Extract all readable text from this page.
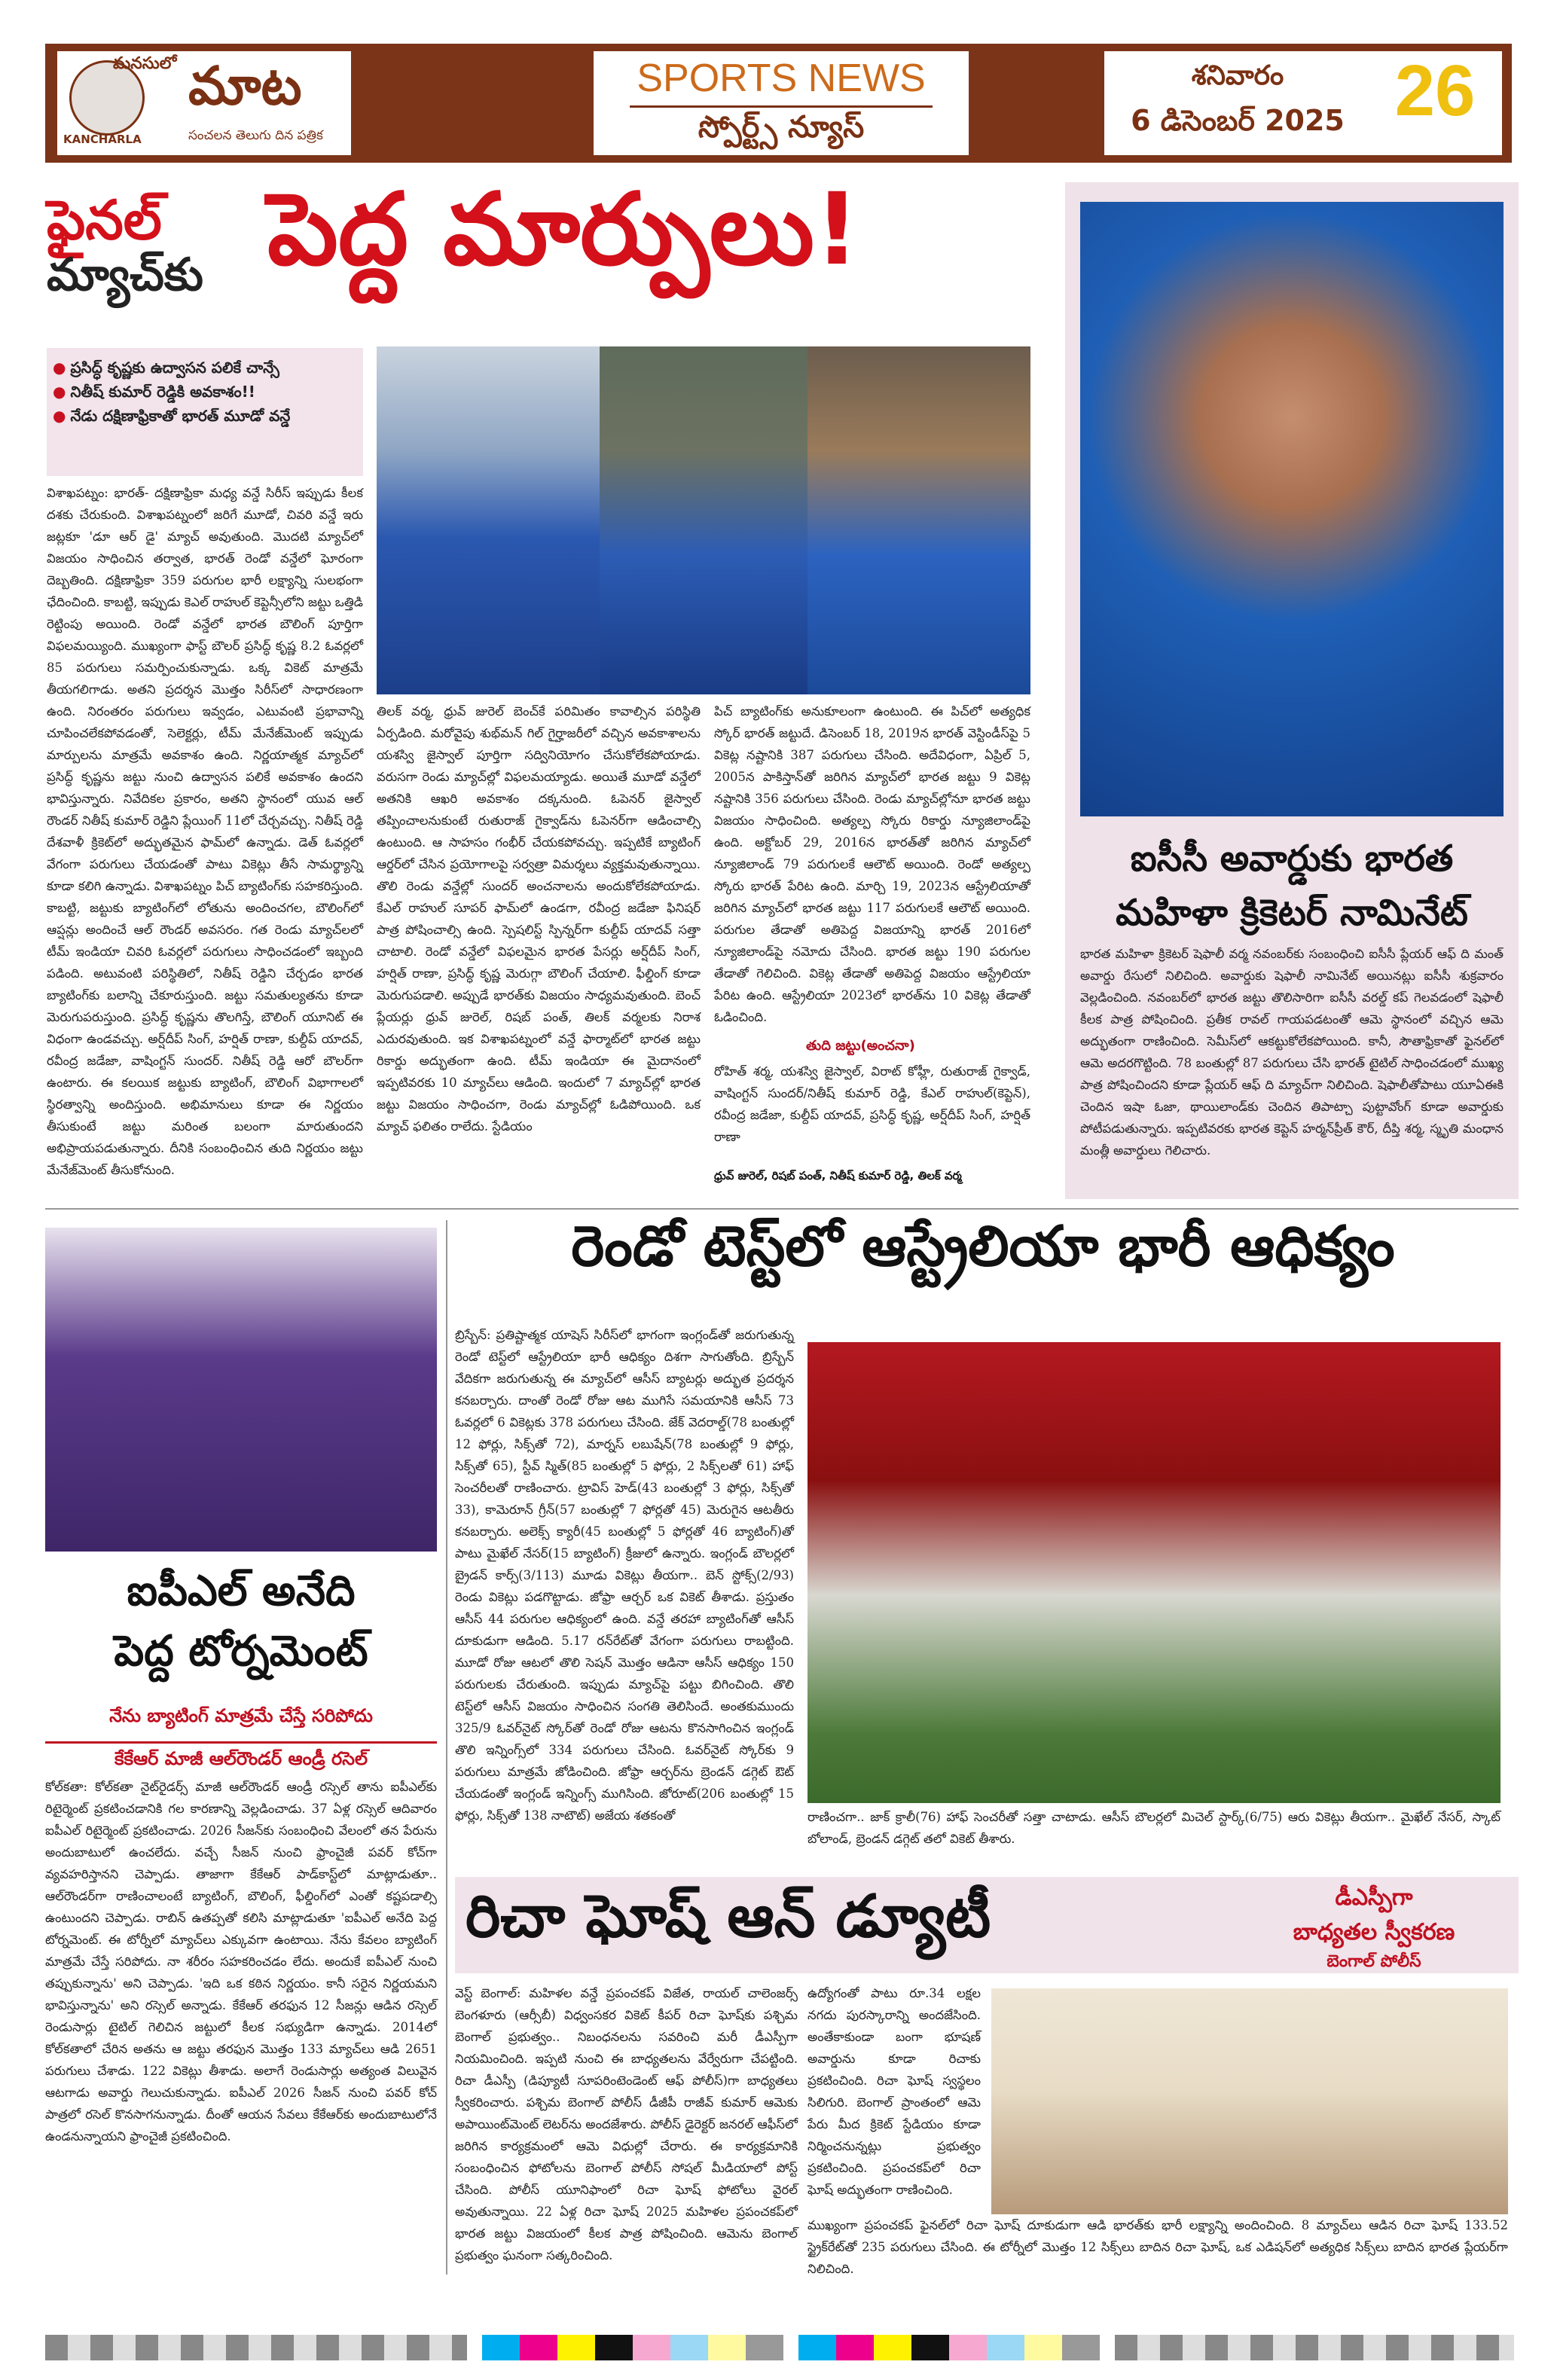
మనసులో మాట
KANCHARLA	సంచలన తెలుగు దిన పత్రిక
SPORTS NEWS
స్పోర్ట్స్ న్యూస్
శనివారం
6 డిసెంబర్ 2025 26
ఫైనల్
మ్యాచ్‌కు పెద్ద మార్పులు!
● ప్రసిద్ధ్ కృష్ణకు ఉద్వాసన పలికే చాన్సే
● నితీష్ కుమార్ రెడ్డికి అవకాశం!!
● నేడు దక్షిణాఫ్రికాతో భారత్ మూడో వన్డే
విశాఖపట్నం: భారత్- దక్షిణాఫ్రికా మధ్య వన్డే సిరీస్ ఇప్పుడు కీలక దశకు చేరుకుంది. విశాఖపట్నంలో జరిగే మూడో, చివరి వన్డే ఇరు జట్లకూ 'డూ ఆర్ డై' మ్యాచ్ అవుతుంది. మొదటి మ్యాచ్‌లో విజయం సాధించిన తర్వాత, భారత్ రెండో వన్డేలో ఘోరంగా దెబ్బతింది. దక్షిణాఫ్రికా 359 పరుగుల భారీ లక్ష్యాన్ని సులభంగా ఛేదించింది. కాబట్టి, ఇప్పుడు కెఎల్ రాహుల్ కెప్టెన్సీలోని జట్టు ఒత్తిడి రెట్టింపు అయింది. రెండో వన్డేలో భారత బౌలింగ్ పూర్తిగా విఫలమయ్యింది. ముఖ్యంగా ఫాస్ట్ బౌలర్ ప్రసిద్ధ్ కృష్ణ 8.2 ఓవర్లలో 85 పరుగులు సమర్పించుకున్నాడు. ఒక్క వికెట్ మాత్రమే తీయగలిగాడు. అతని ప్రదర్శన మొత్తం సిరీస్‌లో సాధారణంగా ఉంది. నిరంతరం పరుగులు ఇవ్వడం, ఎటువంటి ప్రభావాన్ని చూపించలేకపోవడంతో, సెలెక్టర్లు, టీమ్ మేనేజ్‌మెంట్ ఇప్పుడు మార్పులను మాత్రమే అవకాశం ఉంది. నిర్ణయాత్మక మ్యాచ్‌లో ప్రసిద్ధ్ కృష్ణను జట్టు నుంచి ఉద్వాసన పలికే అవకాశం ఉందని భావిస్తున్నారు. నివేదికల ప్రకారం, అతని స్థానంలో యువ ఆల్ రౌండర్ నితీష్ కుమార్ రెడ్డిని ప్లేయింగ్ 11లో చేర్చవచ్చు. నితీష్ రెడ్డి దేశవాళీ క్రికెట్‌లో అద్భుతమైన ఫామ్‌లో ఉన్నాడు. డెత్ ఓవర్లలో వేగంగా పరుగులు చేయడంతో పాటు వికెట్లు తీసే సామర్థ్యాన్ని కూడా కలిగి ఉన్నాడు. విశాఖపట్నం పిచ్ బ్యాటింగ్‌కు సహకరిస్తుంది. కాబట్టి, జట్టుకు బ్యాటింగ్‌లో లోతును అందించగల, బౌలింగ్‌లో ఆప్షన్లు అందించే ఆల్ రౌండర్ అవసరం. గత రెండు మ్యాచ్‌లలో టీమ్ ఇండియా చివరి ఓవర్లలో పరుగులు సాధించడంలో ఇబ్బంది పడింది. అటువంటి పరిస్థితిలో, నితీష్ రెడ్డిని చేర్చడం భారత బ్యాటింగ్‌కు బలాన్ని చేకూరుస్తుంది. జట్టు సమతుల్యతను కూడా మెరుగుపరుస్తుంది. ప్రసిద్ధ్ కృష్ణను తొలగిస్తే, బౌలింగ్ యూనిట్ ఈ విధంగా ఉండవచ్చు. అర్ష్‌దీప్ సింగ్, హర్షిత్ రాణా, కుల్దీప్ యాదవ్, రవీంద్ర జడేజా, వాషింగ్టన్ సుందర్. నితీష్ రెడ్డి ఆరో బౌలర్‌గా ఉంటారు. ఈ కలయిక జట్టుకు బ్యాటింగ్, బౌలింగ్ విభాగాలలో స్థిరత్వాన్ని అందిస్తుంది. అభిమానులు కూడా ఈ నిర్ణయం తీసుకుంటే జట్టు మరింత బలంగా మారుతుందని అభిప్రాయపడుతున్నారు. దీనికి సంబంధించిన తుది నిర్ణయం జట్టు మేనేజ్‌మెంట్ తీసుకోనుంది.
తిలక్ వర్మ, ధ్రువ్ జురెల్ బెంచ్‌కే పరిమితం కావాల్సిన పరిస్థితి ఏర్పడింది. మరోవైపు శుభ్‌మన్ గిల్ గైర్హాజరీలో వచ్చిన అవకాశాలను యశస్వి జైస్వాల్ పూర్తిగా సద్వినియోగం చేసుకోలేకపోయాడు. వరుసగా రెండు మ్యాచ్‌ల్లో విఫలమయ్యాడు. అయితే మూడో వన్డేలో అతనికి ఆఖరి అవకాశం దక్కనుంది. ఓపెనర్ జైస్వాల్ తప్పించాలనుకుంటే రుతురాజ్ గైక్వాడ్‌ను ఓపెనర్‌గా ఆడించాల్సి ఉంటుంది. ఆ సాహసం గంభీర్ చేయకపోవచ్చు. ఇప్పటికే బ్యాటింగ్ ఆర్డర్‌లో చేసిన ప్రయోగాలపై సర్వత్రా విమర్శలు వ్యక్తమవుతున్నాయి. తొలి రెండు వన్డేల్లో సుందర్ అంచనాలను అందుకోలేకపోయాడు. కేఎల్ రాహుల్ సూపర్ ఫామ్‌లో ఉండగా, రవీంద్ర జడేజా ఫినిషర్ పాత్ర పోషించాల్సి ఉంది. స్పెషలిస్ట్ స్పిన్నర్‌గా కుల్దీప్ యాదవ్ సత్తా చాటాలి. రెండో వన్డేలో విఫలమైన భారత పేసర్లు అర్ష్‌దీప్ సింగ్, హర్షిత్ రాణా, ప్రసిద్ధ్ కృష్ణ మెరుగ్గా బౌలింగ్ చేయాలి. ఫీల్డింగ్ కూడా మెరుగుపడాలి. అప్పుడే భారత్‌కు విజయం సాధ్యమవుతుంది. బెంచ్ ప్లేయర్లు ధ్రువ్ జురెల్, రిషబ్ పంత్, తిలక్ వర్మలకు నిరాశ ఎదురవుతుంది. ఇక విశాఖపట్నంలో వన్డే ఫార్మాట్‌లో భారత జట్టు రికార్డు అద్భుతంగా ఉంది. టీమ్ ఇండియా ఈ మైదానంలో ఇప్పటివరకు 10 మ్యాచ్‌లు ఆడింది. ఇందులో 7 మ్యాచ్‌ల్లో భారత జట్టు విజయం సాధించగా, రెండు మ్యాచ్‌ల్లో ఓడిపోయింది. ఒక మ్యాచ్ ఫలితం రాలేదు. స్టేడియం
పిచ్ బ్యాటింగ్‌కు అనుకూలంగా ఉంటుంది. ఈ పిచ్‌లో అత్యధిక స్కోర్ భారత్ జట్టుదే. డిసెంబర్ 18, 2019న భారత్ వెస్టిండీస్‌పై 5 వికెట్ల నష్టానికి 387 పరుగులు చేసింది. అదేవిధంగా, ఏప్రిల్ 5, 2005న పాకిస్తాన్‌తో జరిగిన మ్యాచ్‌లో భారత జట్టు 9 వికెట్ల నష్టానికి 356 పరుగులు చేసింది. రెండు మ్యాచ్‌ల్లోనూ భారత జట్టు విజయం సాధించింది. అత్యల్ప స్కోరు రికార్డు న్యూజిలాండ్‌పై ఉంది. అక్టోబర్ 29, 2016న భారత్‌తో జరిగిన మ్యాచ్‌లో న్యూజిలాండ్ 79 పరుగులకే ఆలౌట్ అయింది. రెండో అత్యల్ప స్కోరు భారత్ పేరిట ఉంది. మార్చి 19, 2023న ఆస్ట్రేలియాతో జరిగిన మ్యాచ్‌లో భారత జట్టు 117 పరుగులకే ఆలౌట్ అయింది. పరుగుల తేడాతో అతిపెద్ద విజయాన్ని భారత్ 2016లో న్యూజిలాండ్‌పై నమోదు చేసింది. భారత జట్టు 190 పరుగుల తేడాతో గెలిచింది. వికెట్ల తేడాతో అతిపెద్ద విజయం ఆస్ట్రేలియా పేరిట ఉంది. ఆస్ట్రేలియా 2023లో భారత్‌ను 10 వికెట్ల తేడాతో ఓడించింది.
తుది జట్టు(అంచనా)
రోహిత్ శర్మ, యశస్వి జైస్వాల్, విరాట్ కోహ్లీ, రుతురాజ్ గైక్వాడ్, వాషింగ్టన్ సుందర్/నితీష్ కుమార్ రెడ్డి, కేఎల్ రాహుల్(కెప్టెన్), రవీంద్ర జడేజా, కుల్దీప్ యాదవ్, ప్రసిద్ధ్ కృష్ణ, అర్ష్‌దీప్ సింగ్, హర్షిత్ రాణా
ధ్రువ్ జురెల్, రిషబ్ పంత్, నితీష్ కుమార్ రెడ్డి, తిలక్ వర్మ
ఐసీసీ అవార్డుకు భారత
మహిళా క్రికెటర్ నామినేట్
భారత మహిళా క్రికెటర్ షెఫాలీ వర్మ నవంబర్‌కు సంబంధించి ఐసీసీ ప్లేయర్ ఆఫ్ ది మంత్ అవార్డు రేసులో నిలిచింది. అవార్డుకు షెఫాలీ నామినేట్ అయినట్లు ఐసీసీ శుక్రవారం వెల్లడించింది. నవంబర్‌లో భారత జట్టు తొలిసారిగా ఐసీసీ వరల్డ్ కప్ గెలవడంలో షెఫాలీ కీలక పాత్ర పోషించింది. ప్రతీక రావల్ గాయపడటంతో ఆమె స్థానంలో వచ్చిన ఆమె అద్భుతంగా రాణించింది. సెమీస్‌లో ఆకట్టుకోలేకపోయింది. కానీ, సౌతాఫ్రికాతో ఫైనల్‌లో ఆమె అదరగొట్టింది. 78 బంతుల్లో 87 పరుగులు చేసి భారత్ టైటిల్ సాధించడంలో ముఖ్య పాత్ర పోషించిందని కూడా ప్లేయర్ ఆఫ్ ది మ్యాచ్‌గా నిలిచింది. షెఫాలీతోపాటు యూఏఈకి చెందిన ఇషా ఓజా, థాయిలాండ్‌కు చెందిన తిపాట్చా పుట్టావోంగ్ కూడా అవార్డుకు పోటీపడుతున్నారు. ఇప్పటివరకు భారత కెప్టెన్ హర్మన్‌ప్రీత్ కౌర్, దీప్తి శర్మ, స్మృతి మంధాన మంత్లీ అవార్డులు గెలిచారు.
ఐపీఎల్ అనేది
పెద్ద టోర్నమెంట్
నేను బ్యాటింగ్ మాత్రమే చేస్తే సరిపోదు
కేకేఆర్ మాజీ ఆల్‌రౌండర్ ఆండ్రీ రసెల్
కోల్‌కతా: కోల్‌కతా నైట్‌రైడర్స్ మాజీ ఆల్‌రౌండర్ ఆండ్రీ రస్సెల్ తాను ఐపీఎల్‌కు రిటైర్మెంట్ ప్రకటించడానికి గల కారణాన్ని వెల్లడించాడు. 37 ఏళ్ల రస్సెల్ ఆదివారం ఐపీఎల్ రిటైర్మెంట్ ప్రకటించాడు. 2026 సీజన్‌కు సంబంధించి వేలంలో తన పేరును అందుబాటులో ఉంచలేదు. వచ్చే సీజన్ నుంచి ఫ్రాంచైజీ పవర్ కోచ్‌గా వ్యవహరిస్తానని చెప్పాడు. తాజాగా కేకేఆర్ పాడ్‌కాస్ట్‌లో మాట్లాడుతూ.. ఆల్‌రౌండర్‌గా రాణించాలంటే బ్యాటింగ్, బౌలింగ్, ఫీల్డింగ్‌లో ఎంతో కష్టపడాల్సి ఉంటుందని చెప్పాడు. రాబిన్ ఉతప్పతో కలిసి మాట్లాడుతూ 'ఐపీఎల్ అనేది పెద్ద టోర్నమెంట్. ఈ టోర్నీలో మ్యాచ్‌లు ఎక్కువగా ఉంటాయి. నేను కేవలం బ్యాటింగ్ మాత్రమే చేస్తే సరిపోదు. నా శరీరం సహకరించడం లేదు. అందుకే ఐపీఎల్ నుంచి తప్పుకున్నాను' అని చెప్పాడు. 'ఇది ఒక కఠిన నిర్ణయం. కానీ సరైన నిర్ణయమని భావిస్తున్నాను' అని రస్సెల్ అన్నాడు. కేకేఆర్ తరఫున 12 సీజన్లు ఆడిన రస్సెల్ రెండుసార్లు టైటిల్ గెలిచిన జట్టులో కీలక సభ్యుడిగా ఉన్నాడు. 2014లో కోల్‌కతాలో చేరిన అతను ఆ జట్టు తరఫున మొత్తం 133 మ్యాచ్‌లు ఆడి 2651 పరుగులు చేశాడు. 122 వికెట్లు తీశాడు. అలాగే రెండుసార్లు అత్యంత విలువైన ఆటగాడు అవార్డు గెలుచుకున్నాడు. ఐపీఎల్ 2026 సీజన్ నుంచి పవర్ కోచ్ పాత్రలో రసెల్ కొనసాగనున్నాడు. దీంతో ఆయన సేవలు కేకేఆర్‌కు అందుబాటులోనే ఉండనున్నాయని ఫ్రాంచైజీ ప్రకటించింది.
రెండో టెస్ట్‌లో ఆస్ట్రేలియా భారీ ఆధిక్యం
బ్రిస్బేన్: ప్రతిష్టాత్మక యాషెస్ సిరీస్‌లో భాగంగా ఇంగ్లండ్‌తో జరుగుతున్న రెండో టెస్ట్‌లో ఆస్ట్రేలియా భారీ ఆధిక్యం దిశగా సాగుతోంది. బ్రిస్బేన్ వేదికగా జరుగుతున్న ఈ మ్యాచ్‌లో ఆసీస్ బ్యాటర్లు అద్భుత ప్రదర్శన కనబర్చారు. దాంతో రెండో రోజు ఆట ముగిసే సమయానికి ఆసీస్ 73 ఓవర్లలో 6 వికెట్లకు 378 పరుగులు చేసింది. జేక్ వెదరాల్డ్(78 బంతుల్లో 12 ఫోర్లు, సిక్స్‌తో 72), మార్నస్ లబుషేన్(78 బంతుల్లో 9 ఫోర్లు, సిక్స్‌తో 65), స్టీవ్ స్మిత్(85 బంతుల్లో 5 ఫోర్లు, 2 సిక్స్‌లతో 61) హాఫ్ సెంచరీలతో రాణించారు. ట్రావిస్ హెడ్(43 బంతుల్లో 3 ఫోర్లు, సిక్స్‌తో 33), కామెరూన్ గ్రీన్(57 బంతుల్లో 7 ఫోర్లతో 45) మెరుగైన ఆటతీరు కనబర్చారు. అలెక్స్ క్యారీ(45 బంతుల్లో 5 ఫోర్లతో 46 బ్యాటింగ్)తో పాటు మైఖేల్ నేసర్(15 బ్యాటింగ్) క్రీజులో ఉన్నారు. ఇంగ్లండ్ బౌలర్లలో బ్రైడన్ కార్స్(3/113) మూడు వికెట్లు తీయగా.. బెన్ స్టోక్స్(2/93) రెండు వికెట్లు పడగొట్టాడు. జోఫ్రా ఆర్చర్ ఒక వికెట్ తీశాడు. ప్రస్తుతం ఆసీస్ 44 పరుగుల ఆధిక్యంలో ఉంది. వన్డే తరహా బ్యాటింగ్‌తో ఆసీస్ దూకుడుగా ఆడింది. 5.17 రన్‌రేట్‌తో వేగంగా పరుగులు రాబట్టింది. మూడో రోజు ఆటలో తొలి సెషన్ మొత్తం ఆడినా ఆసీస్ ఆధిక్యం 150 పరుగులకు చేరుతుంది. ఇప్పుడు మ్యాచ్‌పై పట్టు బిగించింది. తొలి టెస్ట్‌లో ఆసీస్ విజయం సాధించిన సంగతి తెలిసిందే. అంతకుముందు 325/9 ఓవర్‌నైట్ స్కోర్‌తో రెండో రోజు ఆటను కొనసాగించిన ఇంగ్లండ్ తొలి ఇన్నింగ్స్‌లో 334 పరుగులు చేసింది. ఓవర్‌నైట్ స్కోర్‌కు 9 పరుగులు మాత్రమే జోడించింది. జోఫ్రా ఆర్చర్‌ను బ్రెండన్ డగ్గెట్ ఔట్ చేయడంతో ఇంగ్లండ్ ఇన్నింగ్స్ ముగిసింది. జోరూట్(206 బంతుల్లో 15 ఫోర్లు, సిక్స్‌తో 138 నాటౌట్) అజేయ శతకంతో	రాణించగా.. జాక్ క్రాలీ(76) హాఫ్ సెంచరీతో సత్తా చాటాడు. ఆసీస్ బౌలర్లలో మిచెల్ స్టార్క్(6/75) ఆరు వికెట్లు తీయగా.. మైఖేల్ నేసర్, స్కాట్ బోలాండ్, బ్రెండన్ డగ్గెట్ తలో వికెట్ తీశారు.
రిచా ఘోష్ ఆన్ డ్యూటీ	డీఎస్పీగా
బాధ్యతల స్వీకరణ
బెంగాల్ పోలీస్
వెస్ట్ బెంగాల్: మహిళల వన్డే ప్రపంచకప్ విజేత, రాయల్ చాలెంజర్స్ బెంగళూరు (ఆర్సీబీ) విధ్వంసకర వికెట్ కీపర్ రిచా ఘోష్‌కు పశ్చిమ బెంగాల్ ప్రభుత్వం.. నిబంధనలను సవరించి మరీ డీఎస్పీగా నియమించింది. ఇప్పటి నుంచి ఈ బాధ్యతలను వేర్వేరుగా చేపట్టింది. రిచా డీఎస్పీ (డిప్యూటీ సూపరింటెండెంట్ ఆఫ్ పోలీస్)గా బాధ్యతలు స్వీకరించారు. పశ్చిమ బెంగాల్ పోలీస్ డీజీపీ రాజీవ్ కుమార్ ఆమెకు అపాయింట్‌మెంట్ లెటర్‌ను అందజేశారు. పోలీస్ డైరెక్టర్ జనరల్ ఆఫీస్‌లో జరిగిన కార్యక్రమంలో ఆమె విధుల్లో చేరారు. ఈ కార్యక్రమానికి సంబంధించిన ఫోటోలను బెంగాల్ పోలీస్ సోషల్ మీడియాలో పోస్ట్ చేసింది. పోలీస్ యూనిఫాంలో రిచా ఘోష్ ఫోటోలు వైరల్ అవుతున్నాయి. 22 ఏళ్ల రిచా ఘోష్ 2025 మహిళల ప్రపంచకప్‌లో భారత జట్టు విజయంలో కీలక పాత్ర పోషించింది. ఆమెను బెంగాల్ ప్రభుత్వం ఘనంగా సత్కరించింది.
ఉద్యోగంతో పాటు రూ.34 లక్షల నగదు పురస్కారాన్ని అందజేసింది. అంతేకాకుండా బంగా భూషణ్ అవార్డును కూడా రిచాకు ప్రకటించింది. రిచా ఘోష్ స్వస్థలం సిలిగురి. బెంగాల్ ప్రాంతంలో ఆమె పేరు మీద క్రికెట్ స్టేడియం కూడా నిర్మించనున్నట్లు ప్రభుత్వం ప్రకటించింది. ప్రపంచకప్‌లో రిచా ఘోష్ అద్భుతంగా రాణించింది.
ముఖ్యంగా ప్రపంచకప్ ఫైనల్‌లో రిచా ఘోష్ దూకుడుగా ఆడి భారత్‌కు భారీ లక్ష్యాన్ని అందించింది. 8 మ్యాచ్‌లు ఆడిన రిచా ఘోష్ 133.52 స్ట్రైక్‌రేట్‌తో 235 పరుగులు చేసింది. ఈ టోర్నీలో మొత్తం 12 సిక్స్‌లు బాదిన రిచా ఘోష్, ఒక ఎడిషన్‌లో అత్యధిక సిక్స్‌లు బాదిన భారత ప్లేయర్‌గా నిలిచింది.
